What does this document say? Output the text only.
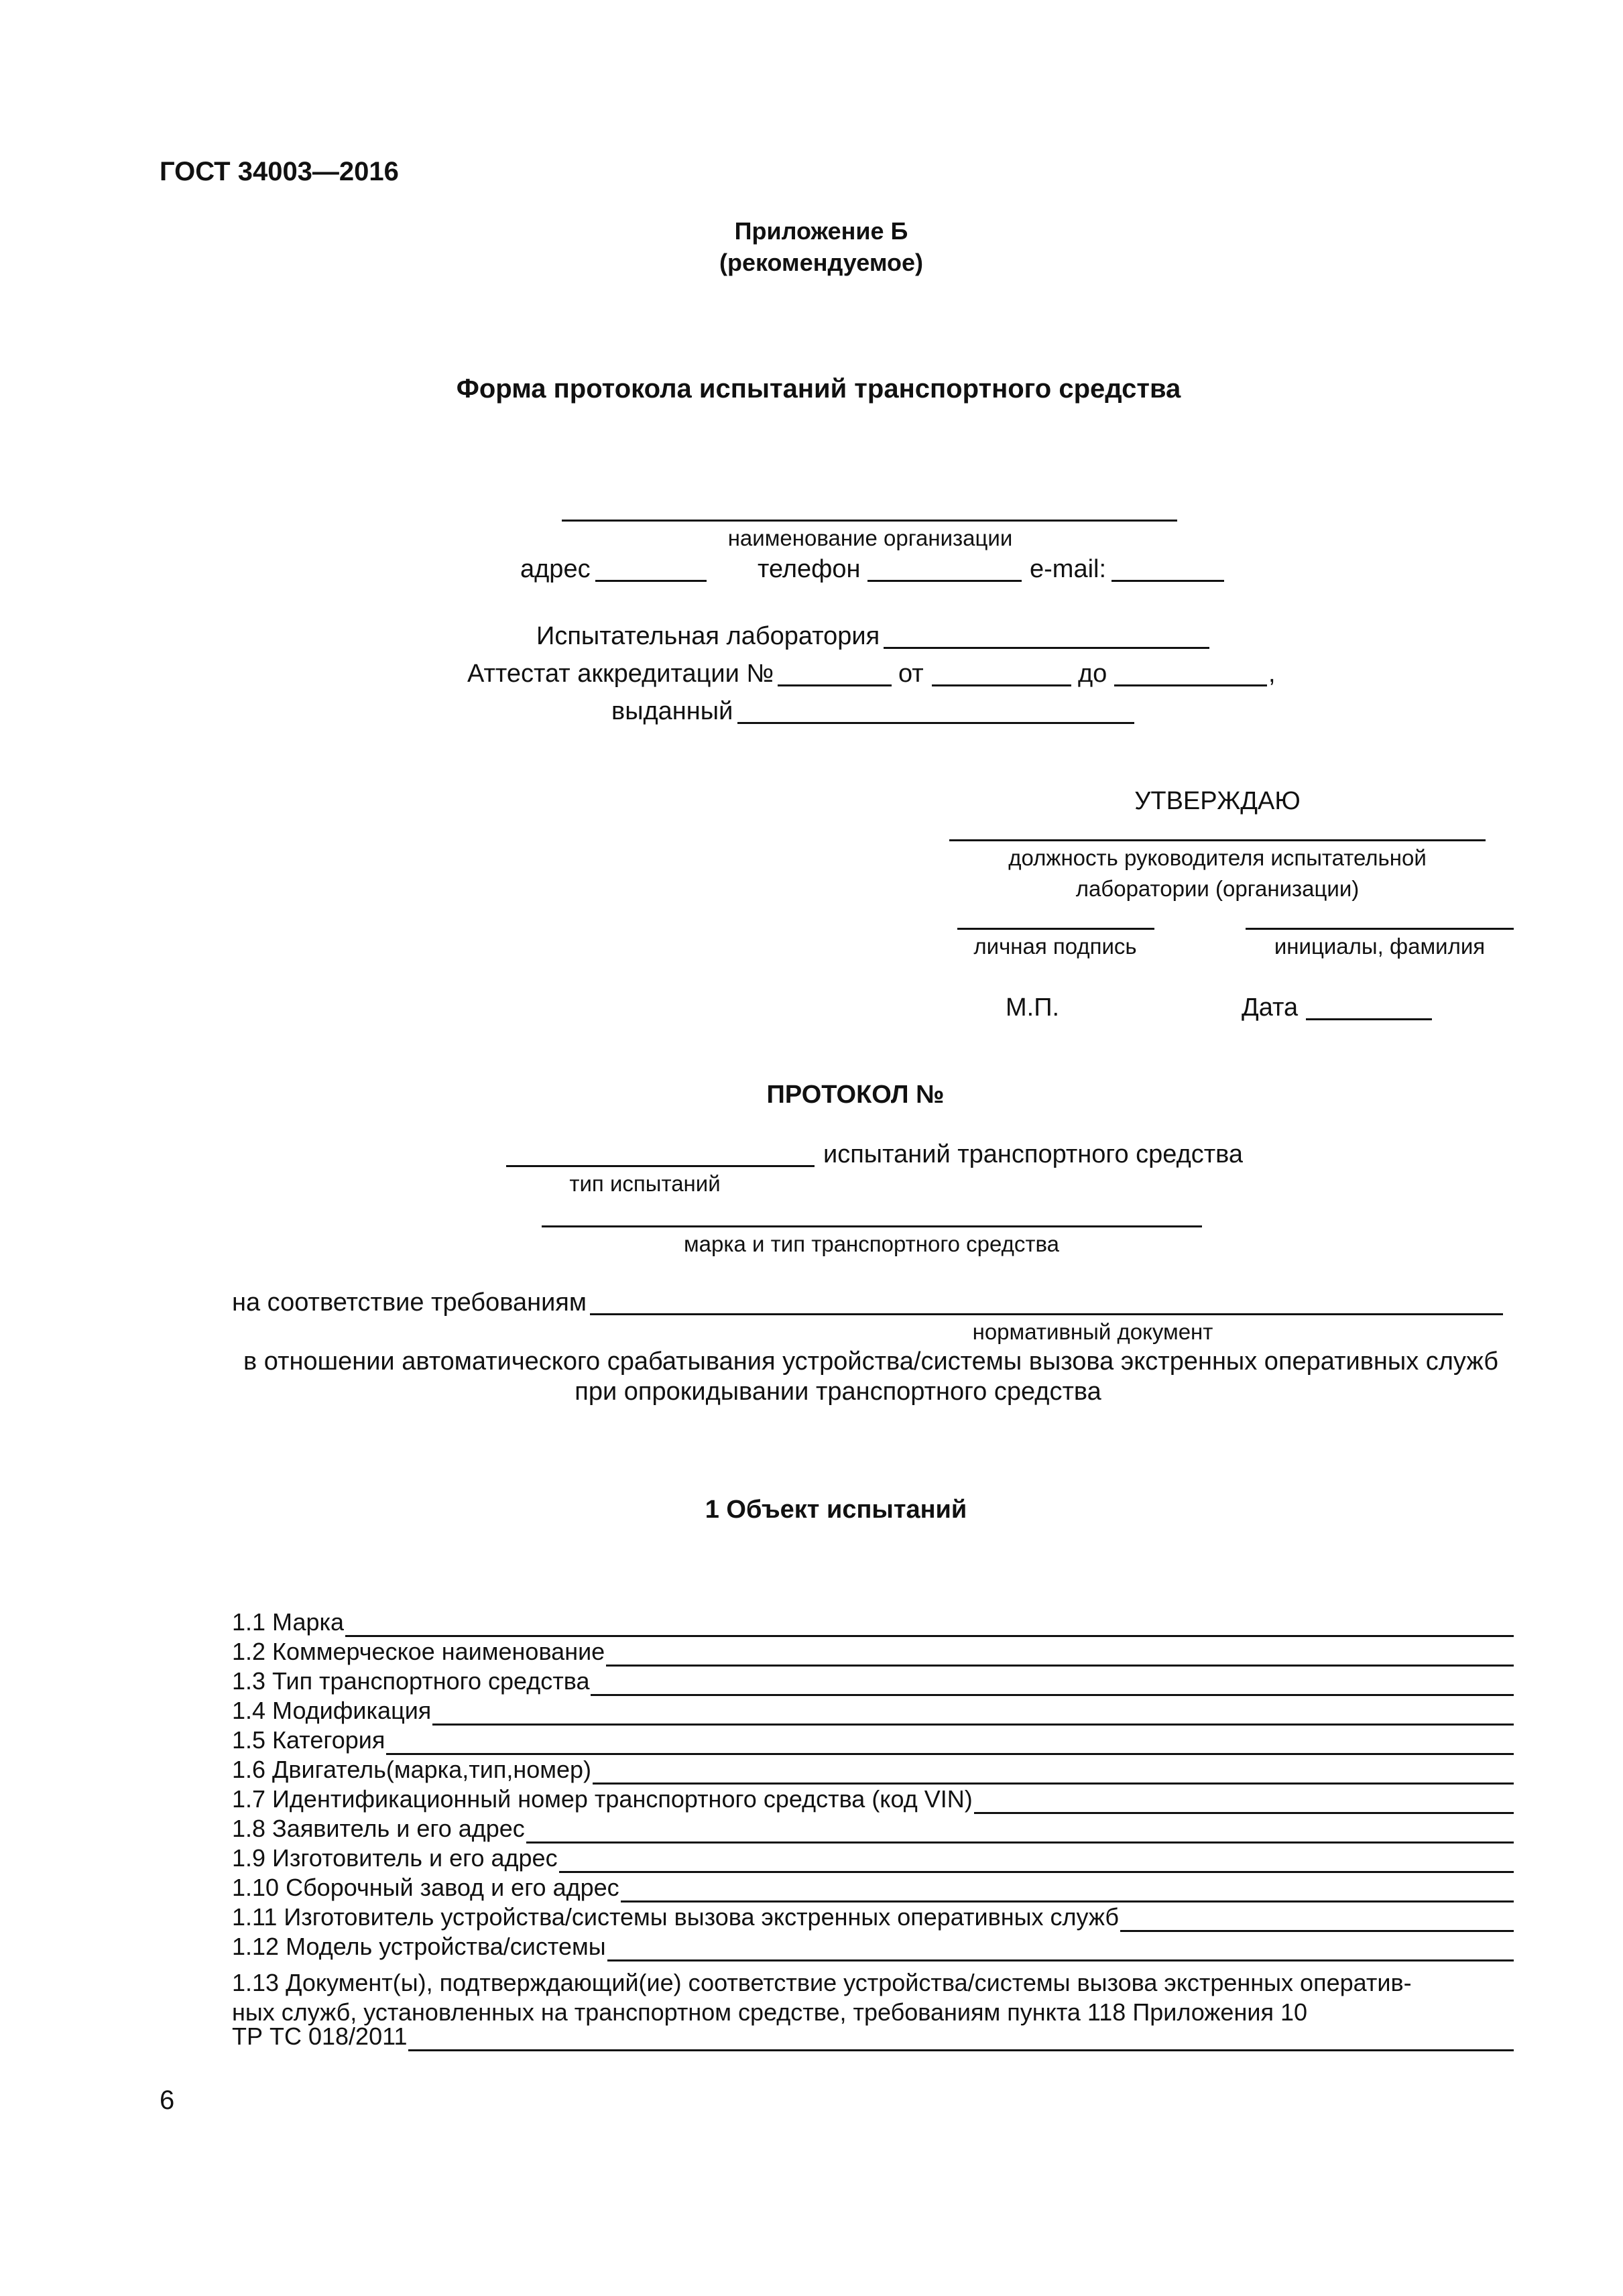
ГОСТ 34003—2016
Приложение Б
(рекомендуемое)
Форма протокола испытаний транспортного средства
наименование организации
адрес	телефон	e-mail:
Испытательная лаборатория
Аттестат аккредитации №	от	до	,
выданный
УТВЕРЖДАЮ
должность руководителя испытательной
лаборатории (организации)
личная подпись	инициалы, фамилия
М.П.	Дата
ПРОТОКОЛ №
испытаний транспортного средства
тип испытаний
марка и тип транспортного средства
на соответствие требованиям
нормативный документ
в отношении автоматического срабатывания устройства/системы вызова экстренных оперативных служб
при опрокидывании транспортного средства
1 Объект испытаний
1.1 Марка
1.2 Коммерческое наименование
1.3 Тип транспортного средства
1.4 Модификация
1.5 Категория
1.6 Двигатель(марка,тип,номер)
1.7 Идентификационный номер транспортного средства (код VIN)
1.8 Заявитель и его адрес
1.9 Изготовитель и его адрес
1.10 Сборочный завод и его адрес
1.11 Изготовитель устройства/системы вызова экстренных оперативных служб
1.12 Модель устройства/системы
1.13 Документ(ы), подтверждающий(ие) соответствие устройства/системы вызова экстренных оператив-
ных служб, установленных на транспортном средстве, требованиям пункта 118 Приложения 10
ТР ТС 018/2011
6
